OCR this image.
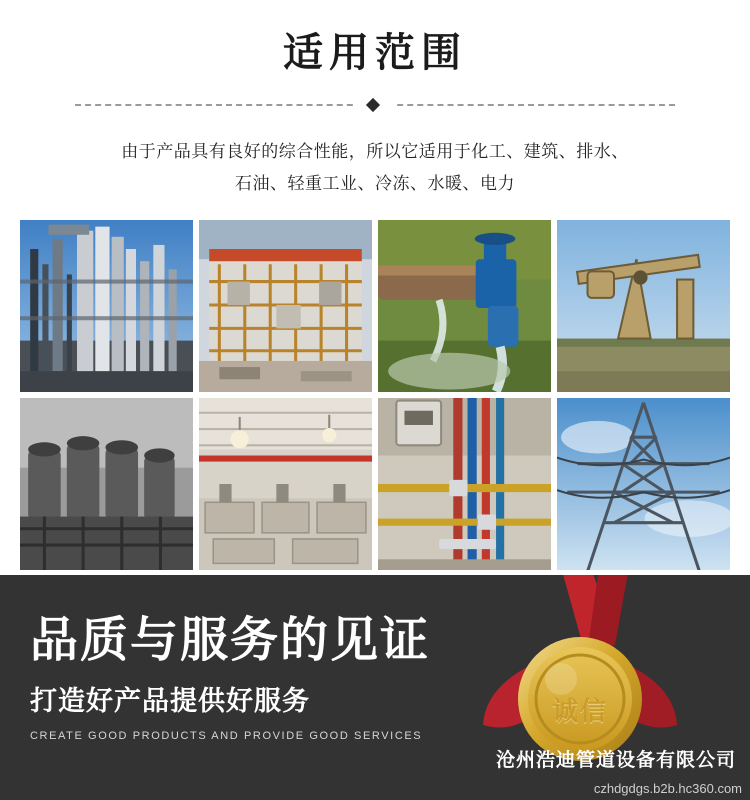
适用范围
由于产品具有良好的综合性能，所以它适用于化工、建筑、排水、
石油、轻重工业、冷冻、水暖、电力
品质与服务的见证
打造好产品提供好服务
CREATE GOOD PRODUCTS AND PROVIDE GOOD SERVICES
诚信
沧州浩迪管道设备有限公司
czhdgdgs.b2b.hc360.com
